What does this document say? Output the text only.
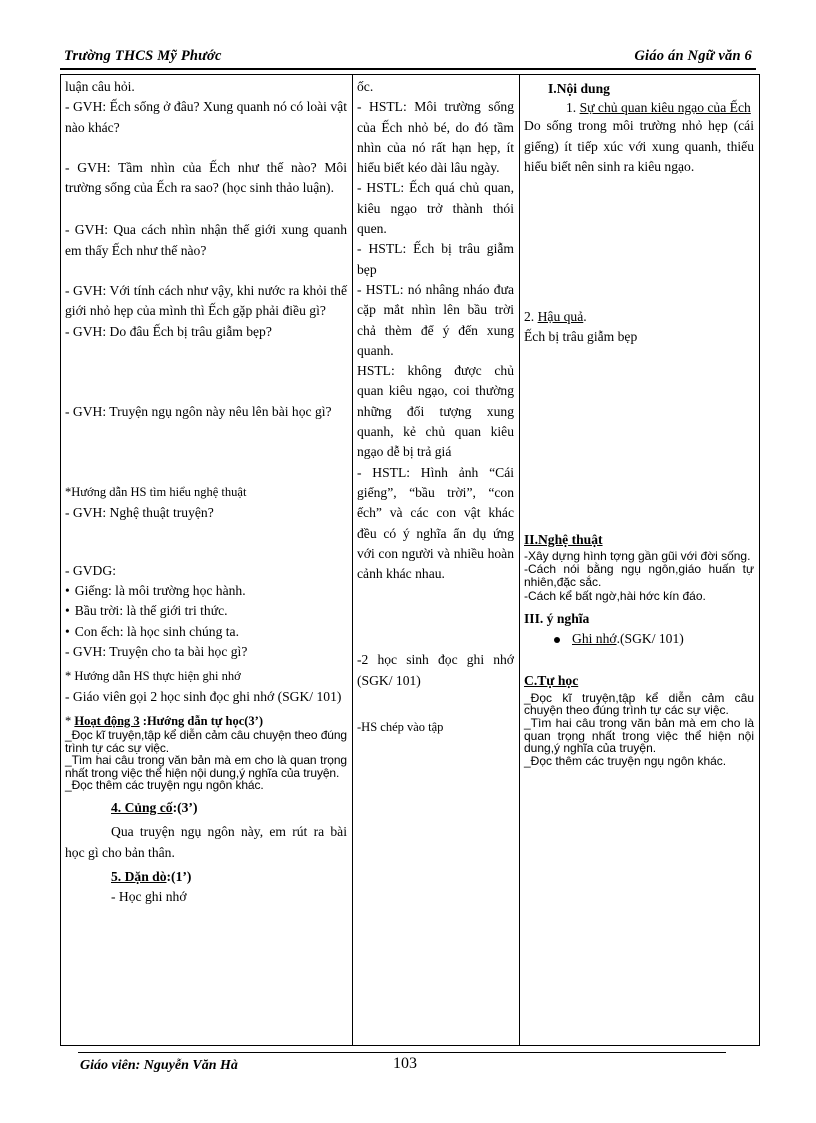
Trường THCS Mỹ Phước	Giáo án Ngữ văn 6

luận câu hỏi.

- GVH: Ếch sống ở đâu? Xung quanh nó có loài vật nào khác?

- GVH: Tầm nhìn của Ếch như thế nào? Môi trường sống của Ếch ra sao? (học sinh thảo luận).

- GVH: Qua cách nhìn nhận thế giới xung quanh em thấy Ếch như thế nào?

- GVH: Với tính cách như vậy, khi nước ra khỏi thế giới nhỏ hẹp của mình thì Ếch gặp phải điều gì?

- GVH: Do đâu Ếch bị trâu giẫm bẹp?

- GVH: Truyện ngụ ngôn này nêu lên bài học gì?

*Hướng dẫn HS tìm hiểu nghệ thuật

- GVH: Nghệ thuật truyện?

- GVDG:

• Giếng: là môi trường học hành.

• Bầu trời: là thế giới tri thức.

• Con ếch: là học sinh chúng ta.

- GVH: Truyện cho ta bài học gì?

* Hướng dẫn HS thực hiện ghi nhớ

- Giáo viên gọi 2 học sinh đọc ghi nhớ (SGK/ 101)

* Hoạt động 3 :Hướng dẫn tự học(3’)

_Đọc kĩ truyện,tập kể diễn cảm câu chuyện theo đúng trình tự các sự việc.

_Tìm hai câu trong văn bản mà em cho là quan trọng nhất trong việc thể hiện nội dung,ý nghĩa của truyện.

_Đọc thêm các truyện ngụ ngôn khác.

4. Củng cố:(3’)

Qua truyện ngụ ngôn này, em rút ra bài học gì cho bản thân.

5. Dặn dò:(1’)

- Học ghi nhớ

ốc.

- HSTL: Môi trường sống của Ếch nhỏ bé, do đó tầm nhìn của nó rất hạn hẹp, ít hiểu biết kéo dài lâu ngày.

- HSTL: Ếch quá chủ quan, kiêu ngạo trở thành thói quen.

- HSTL: Ếch bị trâu giẫm bẹp

- HSTL: nó nhâng nháo đưa cặp mắt nhìn lên bầu trời chả thèm để ý đến xung quanh.

HSTL: không được chủ quan kiêu ngạo, coi thường những đối tượng xung quanh, kẻ chủ quan kiêu ngạo dễ bị trả giá

- HSTL: Hình ảnh “Cái giếng”, “bầu trời”, “con ếch” và các con vật khác đều có ý nghĩa ẩn dụ ứng với con người và nhiều hoàn cảnh khác nhau.

-2 học sinh đọc ghi nhớ (SGK/ 101)

-HS chép vào tập

I.Nội dung

1. Sự chủ quan kiêu ngạo của Ếch

Do sống trong môi trường nhỏ hẹp (cái giếng) ít tiếp xúc với xung quanh, thiếu hiểu biết nên sinh ra kiêu ngạo.

2. Hậu quả.

Ếch bị trâu giẫm bẹp

II.Nghệ thuật

-Xây dựng hình tợng gần gũi với đời sống.

-Cách nói bằng ngụ ngôn,giáo huấn tự nhiên,đặc sắc.

-Cách kể bất ngờ,hài hớc kín đáo.

III. ý nghĩa

Ghi nhớ.(SGK/ 101)

C.Tự học

_Đọc kĩ truyện,tập kể diễn cảm câu chuyện theo đúng trình tự các sự việc.

_Tìm hai câu trong văn bản mà em cho là quan trọng nhất trong việc thể hiện nội dung,ý nghĩa của truyện.

_Đọc thêm các truyện ngụ ngôn khác.

Giáo viên: Nguyễn Văn Hà	103
